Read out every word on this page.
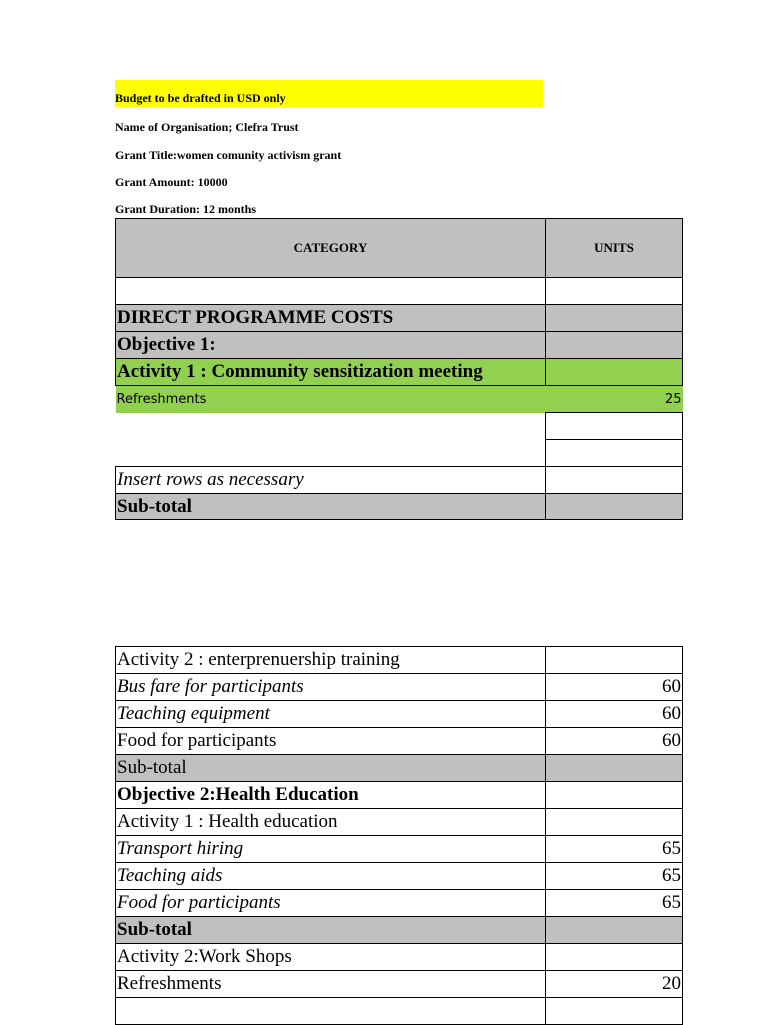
Budget to be drafted in USD only
Name of Organisation; Clefra Trust
Grant Title:women comunity activism grant
Grant Amount: 10000
Grant Duration: 12 months
CATEGORY	UNITS

DIRECT PROGRAMME COSTS	
Objective 1:	
Activity 1 : Community sensitization meeting	
Refreshments	25

Insert rows as necessary	
Sub-total	
Activity 2 : enterprenuership training	
Bus fare for participants	60
Teaching equipment	60
Food for participants	60
Sub-total	
Objective 2:Health Education	
Activity 1 : Health education	
Transport hiring	65
Teaching aids	65
Food for participants	65
Sub-total	
Activity 2:Work Shops	
Refreshments	20
